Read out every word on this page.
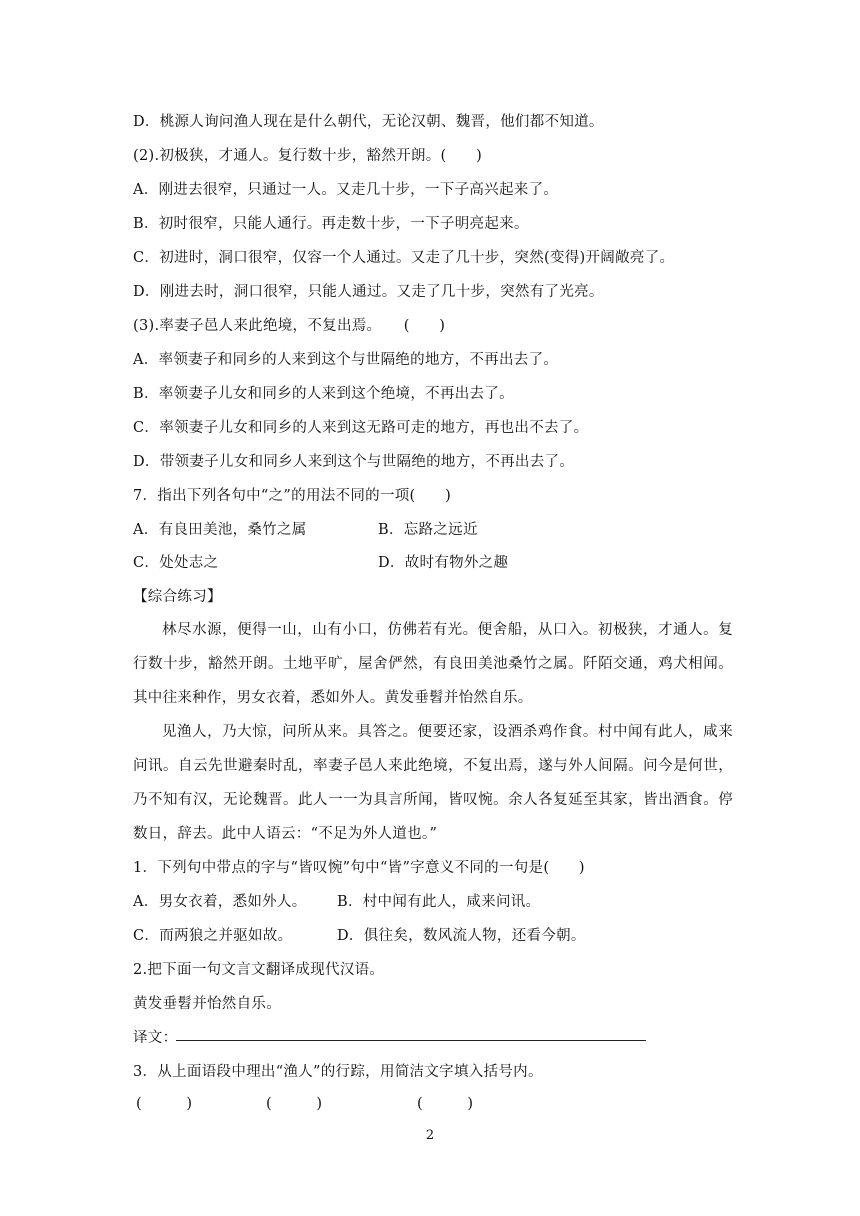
D．桃源人询问渔人现在是什么朝代，无论汉朝、魏晋，他们都不知道。
(2).初极狭，才通人。复行数十步，豁然开朗。(　　)
A．刚进去很窄，只通过一人。又走几十步，一下子高兴起来了。
B．初时很窄，只能人通行。再走数十步，一下子明亮起来。
C．初进时，洞口很窄，仅容一个人通过。又走了几十步，突然(变得)开阔敞亮了。
D．刚进去时，洞口很窄，只能人通过。又走了几十步，突然有了光亮。
(3).率妻子邑人来此绝境，不复出焉。　　(　　)
A．率领妻子和同乡的人来到这个与世隔绝的地方，不再出去了。
B．率领妻子儿女和同乡的人来到这个绝境，不再出去了。
C．率领妻子儿女和同乡的人来到这无路可走的地方，再也出不去了。
D．带领妻子儿女和同乡人来到这个与世隔绝的地方，不再出去了。
7．指出下列各句中“之”的用法不同的一项(　　)
A．有良田美池，桑竹之属	B．忘路之远近
C．处处志之	D．故时有物外之趣
【综合练习】

林尽水源，便得一山，山有小口，仿佛若有光。便舍船，从口入。初极狭，才通人。复行数十步，豁然开朗。土地平旷，屋舍俨然，有良田美池桑竹之属。阡陌交通，鸡犬相闻。其中往来种作，男女衣着，悉如外人。黄发垂髫并怡然自乐。

见渔人，乃大惊，问所从来。具答之。便要还家，设酒杀鸡作食。村中闻有此人，咸来问讯。自云先世避秦时乱，率妻子邑人来此绝境，不复出焉，遂与外人间隔。问今是何世，乃不知有汉，无论魏晋。此人一一为具言所闻，皆叹惋。余人各复延至其家，皆出酒食。停数日，辞去。此中人语云：“不足为外人道也。”

1．下列句中带点的字与“皆叹惋”句中“皆”字意义不同的一句是(　　)
A．男女衣着，悉如外人。 B．村中闻有此人，咸来问讯。
C．而两狼之并驱如故。	D．俱往矣，数风流人物，还看今朝。
2.把下面一句文言文翻译成现代汉语。
黄发垂髫并怡然自乐。
译文：
3．从上面语段中理出“渔人”的行踪，用简洁文字填入括号内。
(　　　)	(　　　)	(　　　)
2
